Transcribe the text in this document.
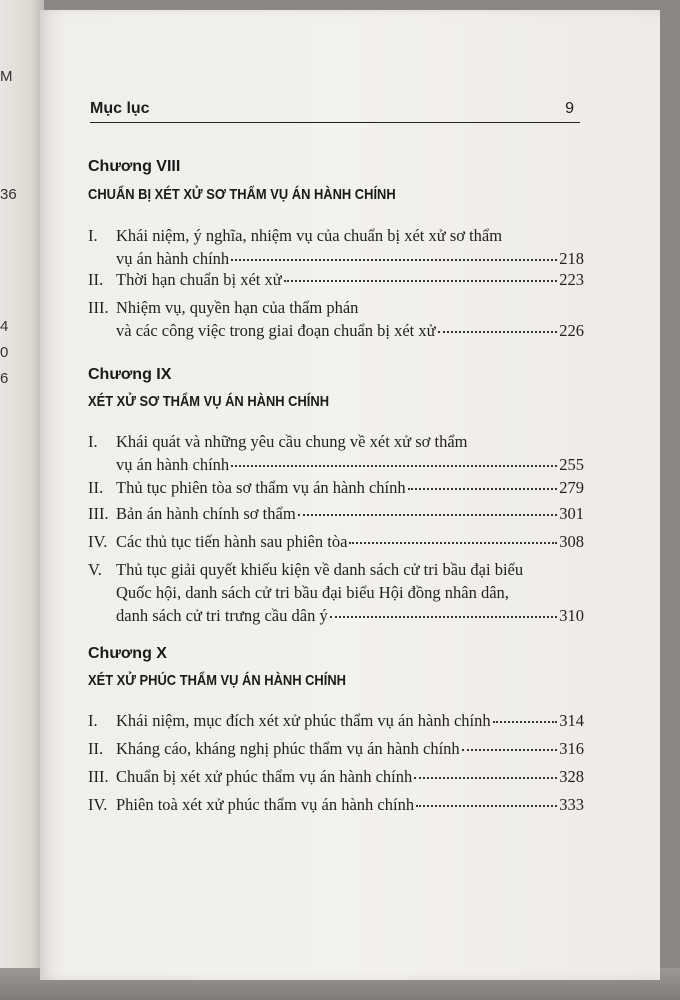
M
36
4
0
6
Mục lục	9
Chương VIII
CHUẨN BỊ XÉT XỬ SƠ THẨM VỤ ÁN HÀNH CHÍNH
I. Khái niệm, ý nghĩa, nhiệm vụ của chuẩn bị xét xử sơ thẩm
vụ án hành chính	218
II. Thời hạn chuẩn bị xét xử	223
III. Nhiệm vụ, quyền hạn của thẩm phán
và các công việc trong giai đoạn chuẩn bị xét xử	226
Chương IX
XÉT XỬ SƠ THẨM VỤ ÁN HÀNH CHÍNH
I. Khái quát và những yêu cầu chung về xét xử sơ thẩm
vụ án hành chính	255
II. Thủ tục phiên tòa sơ thẩm vụ án hành chính	279
III. Bản án hành chính sơ thẩm	301
IV. Các thủ tục tiến hành sau phiên tòa	308
V. Thủ tục giải quyết khiếu kiện về danh sách cử tri bầu đại biểu
Quốc hội, danh sách cử tri bầu đại biểu Hội đồng nhân dân,
danh sách cử tri trưng cầu dân ý	310
Chương X
XÉT XỬ PHÚC THẨM VỤ ÁN HÀNH CHÍNH
I. Khái niệm, mục đích xét xử phúc thẩm vụ án hành chính	314
II. Kháng cáo, kháng nghị phúc thẩm vụ án hành chính	316
III. Chuẩn bị xét xử phúc thẩm vụ án hành chính	328
IV. Phiên toà xét xử phúc thẩm vụ án hành chính	333
